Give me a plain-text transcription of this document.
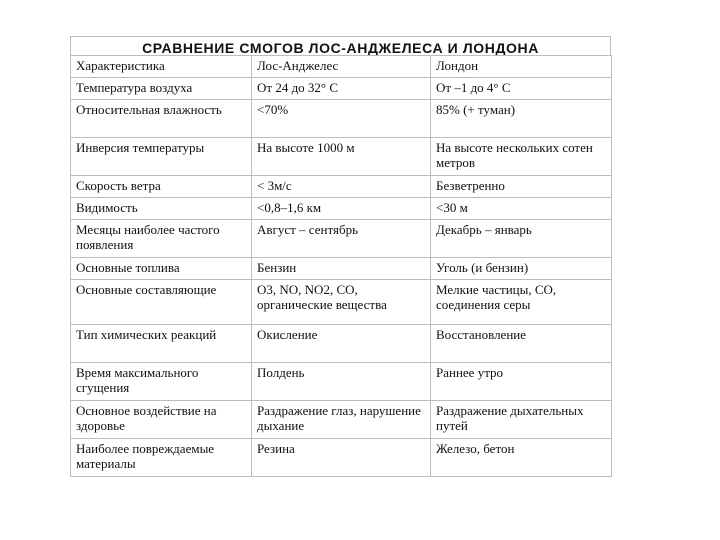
СРАВНЕНИЕ СМОГОВ ЛОС-АНДЖЕЛЕСА И ЛОНДОНА
Характеристика	Лос-Анджелес	Лондон
Температура воздуха	От 24 до 32° С	От –1 до 4° С
Относительная влажность	<70%	85% (+ туман)
Инверсия температуры	На высоте 1000 м	На высоте нескольких сотен метров
Скорость ветра	< 3м/с	Безветренно
Видимость	<0,8–1,6 км	<30 м
Месяцы наиболее частого появления	Август – сентябрь	Декабрь – январь
Основные топлива	Бензин	Уголь (и бензин)
Основные составляющие	O3, NO, NO2, CO, органические вещества	Мелкие частицы, CO, соединения серы
Тип химических реакций	Окисление	Восстановление
Время максимального сгущения	Полдень	Раннее утро
Основное воздействие на здоровье	Раздражение глаз, нарушение дыхание	Раздражение дыхательных путей
Наиболее повреждаемые материалы	Резина	Железо, бетон
